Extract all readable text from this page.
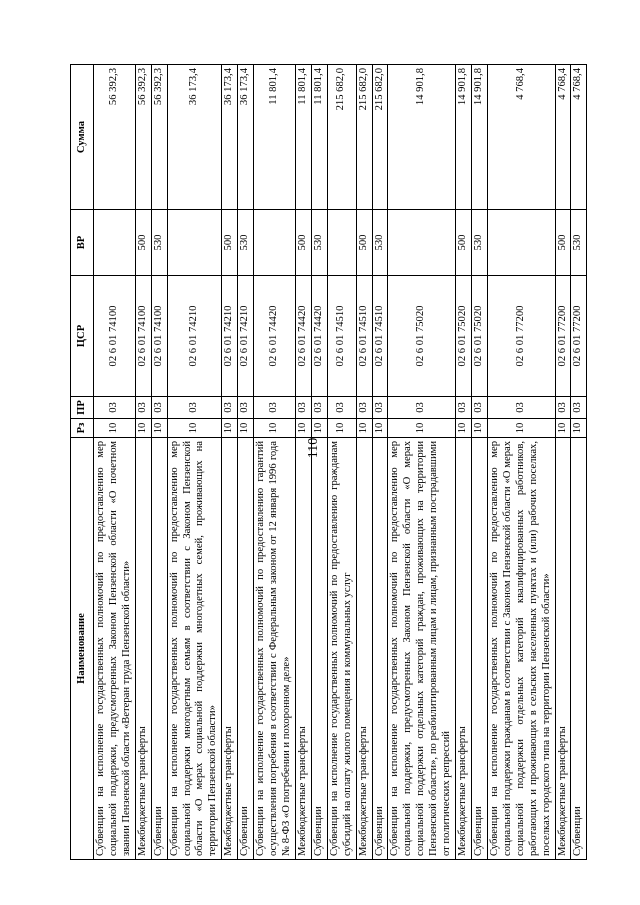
110
Наименование	Рз	ПР	ЦСР	ВР	Сумма
Субвенции на исполнение государственных полномочий по предоставлению мер социальной поддержки, предусмотренных Законом Пензенской области «О почетном звании Пензенской области «Ветеран труда Пензенской области»	10	03	02 6 01 74100		56 392,3
Межбюджетные трансферты	10	03	02 6 01 74100	500	56 392,3
Субвенции	10	03	02 6 01 74100	530	56 392,3
Субвенции на исполнение государственных полномочий по предоставлению мер социальной поддержки многодетным семьям в соответствии с Законом Пензенской области «О мерах социальной поддержки многодетных семей, проживающих на территории Пензенской области»	10	03	02 6 01 74210		36 173,4
Межбюджетные трансферты	10	03	02 6 01 74210	500	36 173,4
Субвенции	10	03	02 6 01 74210	530	36 173,4
Субвенции на исполнение государственных полномочий по предоставлению гарантий осуществления погребения в соответствии с Федеральным законом от 12 января 1996 года № 8-ФЗ «О погребении и похоронном деле»	10	03	02 6 01 74420		11 801,4
Межбюджетные трансферты	10	03	02 6 01 74420	500	11 801,4
Субвенции	10	03	02 6 01 74420	530	11 801,4
Субвенции на исполнение государственных полномочий по предоставлению гражданам субсидий на оплату жилого помещения и коммунальных услуг	10	03	02 6 01 74510		215 682,0
Межбюджетные трансферты	10	03	02 6 01 74510	500	215 682,0
Субвенции	10	03	02 6 01 74510	530	215 682,0
Субвенции на исполнение государственных полномочий по предоставлению мер социальной поддержки, предусмотренных Законом Пензенской области «О мерах социальной поддержки отдельных категорий граждан, проживающих на территории Пензенской области», по реабилитированным лицам и лицам, признанным пострадавшими от политических репрессий	10	03	02 6 01 75020		14 901,8
Межбюджетные трансферты	10	03	02 6 01 75020	500	14 901,8
Субвенции	10	03	02 6 01 75020	530	14 901,8
Субвенции на исполнение государственных полномочий по предоставлению мер социальной поддержки гражданам в соответствии с Законом Пензенской области «О мерах социальной поддержки отдельных категорий квалифицированных работников, работающих и проживающих в сельских населенных пунктах и (или) рабочих поселках, поселках городского типа на территории Пензенской области»	10	03	02 6 01 77200		4 768,4
Межбюджетные трансферты	10	03	02 6 01 77200	500	4 768,4
Субвенции	10	03	02 6 01 77200	530	4 768,4
